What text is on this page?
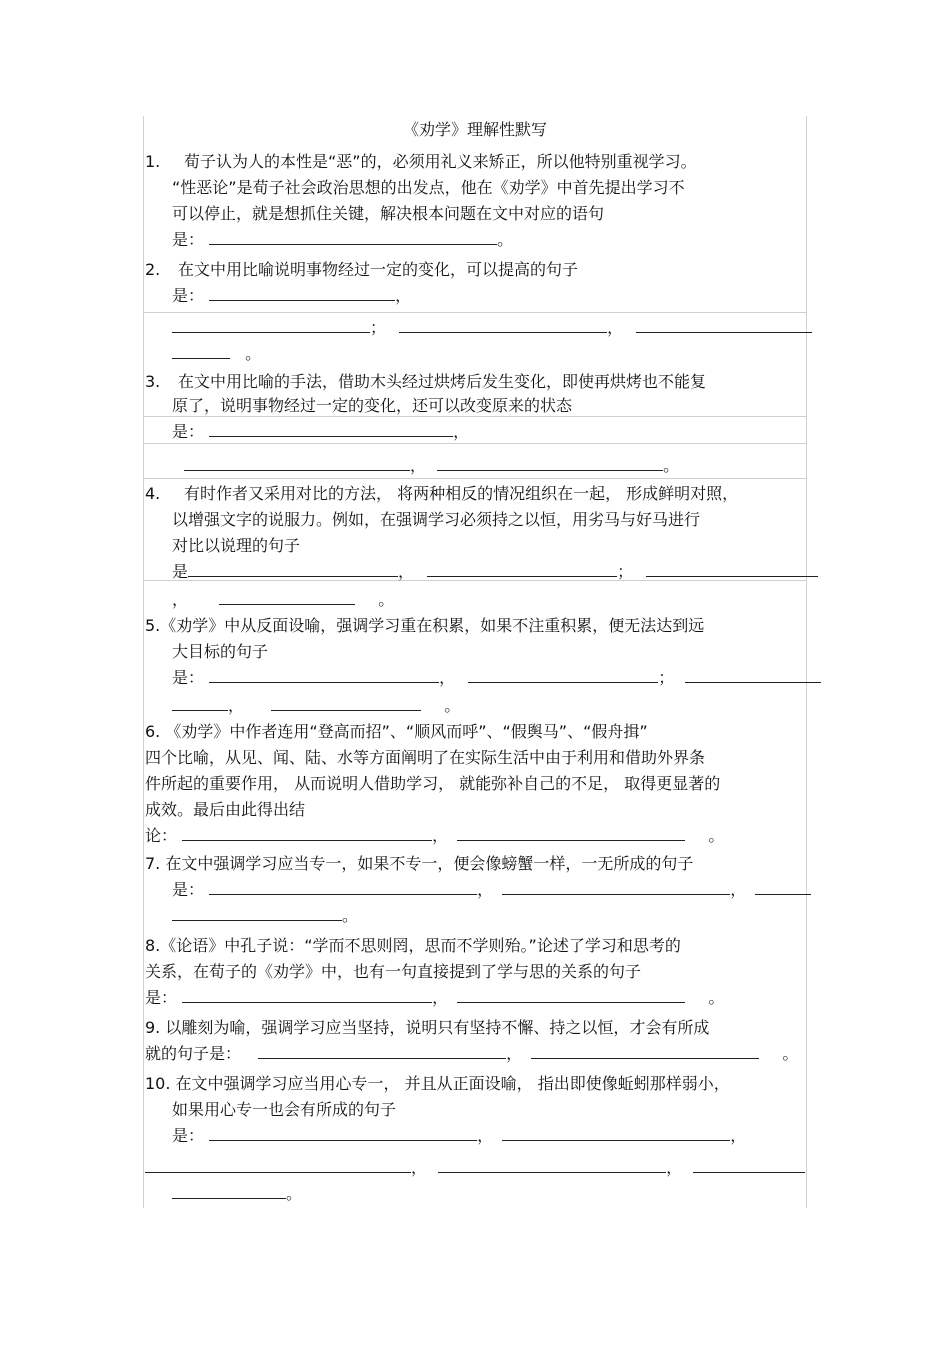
《劝学》理解性默写
1. 荀子认为人的本性是“恶”的，必须用礼义来矫正，所以他特别重视学习。
“性恶论”是荀子社会政治思想的出发点，他在《劝学》中首先提出学习不
可以停止，就是想抓住关键，解决根本问题在文中对应的语句
是：	。
2. 在文中用比喻说明事物经过一定的变化，可以提高的句子
是：	，
；	，
。
3. 在文中用比喻的手法，借助木头经过烘烤后发生变化，即使再烘烤也不能复
原了，说明事物经过一定的变化，还可以改变原来的状态
是：	，
，	。
4. 有时作者又采用对比的方法， 将两种相反的情况组织在一起， 形成鲜明对照，
以增强文字的说服力。例如，在强调学习必须持之以恒，用劣马与好马进行
对比以说理的句子
是	，	；
，	。
5.《劝学》中从反面设喻，强调学习重在积累，如果不注重积累，便无法达到远
大目标的句子
是：	，	；
，	。
6. 《劝学》中作者连用“登高而招”、“顺风而呼”、“假舆马”、“假舟揖”
四个比喻，从见、闻、陆、水等方面阐明了在实际生活中由于利用和借助外界条
件所起的重要作用， 从而说明人借助学习， 就能弥补自己的不足， 取得更显著的
成效。最后由此得出结
论：	，	。
7. 在文中强调学习应当专一，如果不专一，便会像螃蟹一样，一无所成的句子
是：	，	，
。
8.《论语》中孔子说：“学而不思则罔，思而不学则殆。”论述了学习和思考的
关系，在荀子的《劝学》中，也有一句直接提到了学与思的关系的句子
是：	，	。
9. 以雕刻为喻，强调学习应当坚持，说明只有坚持不懈、持之以恒，才会有所成
就的句子是：	，	。
10. 在文中强调学习应当用心专一， 并且从正面设喻， 指出即使像蚯蚓那样弱小，
如果用心专一也会有所成的句子
是：	，	，
，	，
。
